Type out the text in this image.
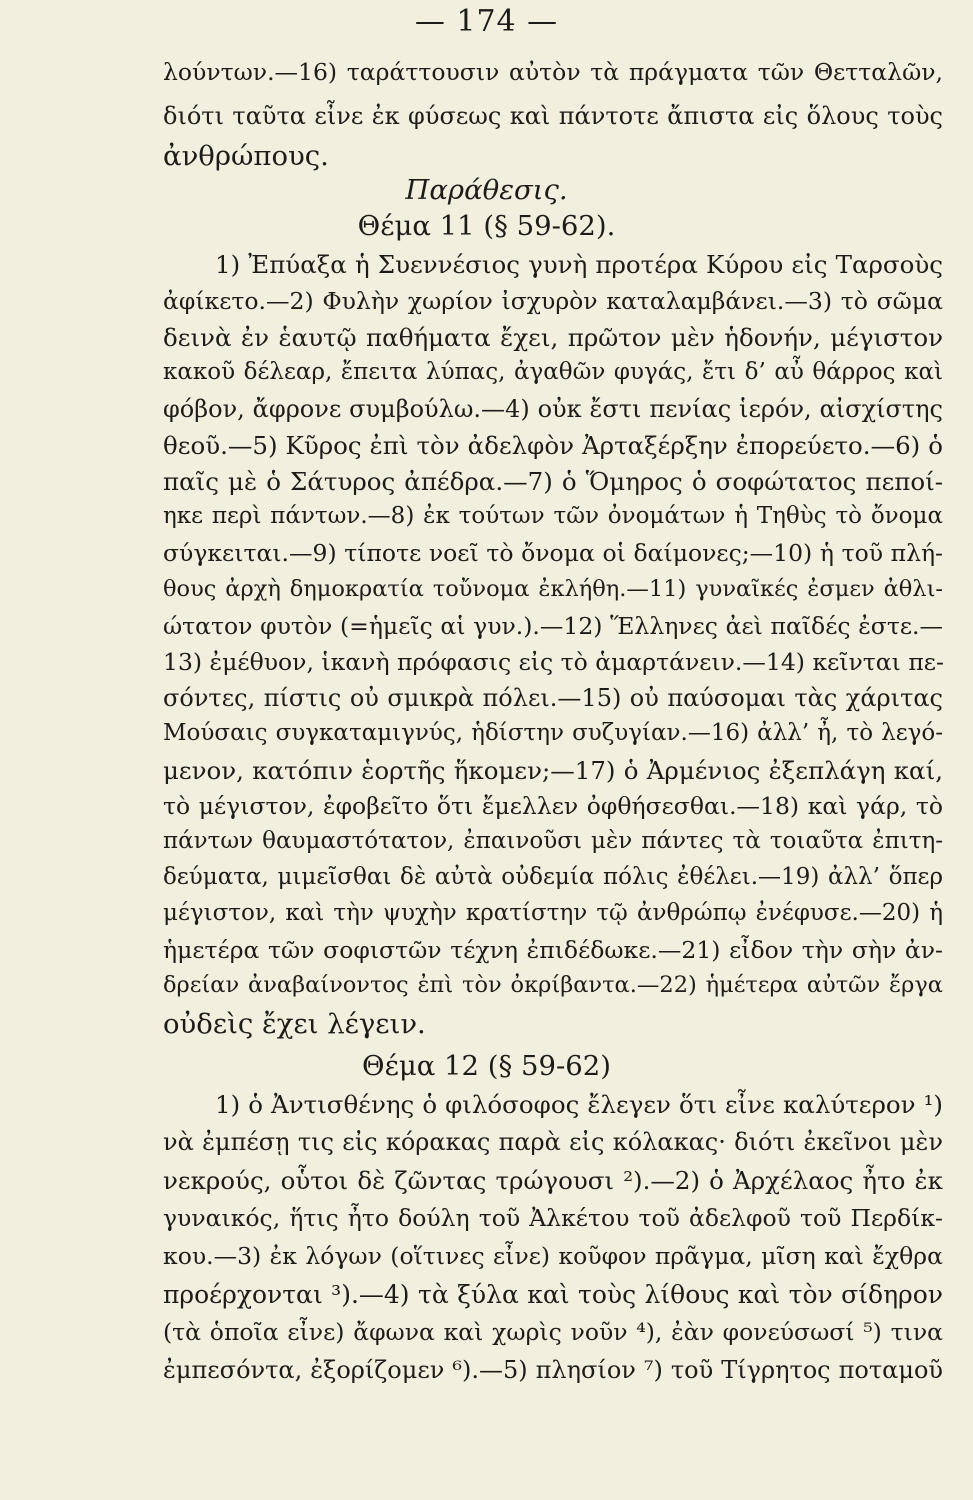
— 174 —
λούντων.—16) ταράττουσιν αὐτὸν τὰ πράγματα τῶν Θετταλῶν,
διότι ταῦτα εἶνε ἐκ φύσεως καὶ πάντοτε ἄπιστα εἰς ὅλους τοὺς
ἀνθρώπους.
Παράθεσις.
Θέμα 11 (§ 59-62).
1) Ἐπύαξα ἡ Συεννέσιος γυνὴ προτέρα Κύρου εἰς Ταρσοὺς
ἀφίκετο.—2) Φυλὴν χωρίον ἰσχυρὸν καταλαμβάνει.—3) τὸ σῶμα
δεινὰ ἐν ἑαυτῷ παθήματα ἔχει, πρῶτον μὲν ἡδονήν, μέγιστον
κακοῦ δέλεαρ, ἔπειτα λύπας, ἀγαθῶν φυγάς, ἔτι δ’ αὖ θάρρος καὶ
φόβον, ἄφρονε συμβούλω.—4) οὐκ ἔστι πενίας ἱερόν, αἰσχίστης
θεοῦ.—5) Κῦρος ἐπὶ τὸν ἀδελφὸν Ἀρταξέρξην ἐπορεύετο.—6) ὁ
παῖς μὲ ὁ Σάτυρος ἀπέδρα.—7) ὁ Ὅμηρος ὁ σοφώτατος πεποί-
ηκε περὶ πάντων.—8) ἐκ τούτων τῶν ὀνομάτων ἡ Τηθὺς τὸ ὄνομα
σύγκειται.—9) τίποτε νοεῖ τὸ ὄνομα οἱ δαίμονες;—10) ἡ τοῦ πλή-
θους ἀρχὴ δημοκρατία τοὔνομα ἐκλήθη.—11) γυναῖκές ἐσμεν ἀθλι-
ώτατον φυτὸν (=ἡμεῖς αἱ γυν.).—12) Ἕλληνες ἀεὶ παῖδές ἐστε.—
13) ἐμέθυον, ἱκανὴ πρόφασις εἰς τὸ ἁμαρτάνειν.—14) κεῖνται πε-
σόντες, πίστις οὐ σμικρὰ πόλει.—15) οὐ παύσομαι τὰς χάριτας
Μούσαις συγκαταμιγνύς, ἡδίστην συζυγίαν.—16) ἀλλ’ ἦ, τὸ λεγό-
μενον, κατόπιν ἑορτῆς ἥκομεν;—17) ὁ Ἀρμένιος ἐξεπλάγη καί,
τὸ μέγιστον, ἐφοβεῖτο ὅτι ἔμελλεν ὀφθήσεσθαι.—18) καὶ γάρ, τὸ
πάντων θαυμαστότατον, ἐπαινοῦσι μὲν πάντες τὰ τοιαῦτα ἐπιτη-
δεύματα, μιμεῖσθαι δὲ αὐτὰ οὐδεμία πόλις ἐθέλει.—19) ἀλλ’ ὅπερ
μέγιστον, καὶ τὴν ψυχὴν κρατίστην τῷ ἀνθρώπῳ ἐνέφυσε.—20) ἡ
ἡμετέρα τῶν σοφιστῶν τέχνη ἐπιδέδωκε.—21) εἶδον τὴν σὴν ἀν-
δρείαν ἀναβαίνοντος ἐπὶ τὸν ὀκρίβαντα.—22) ἡμέτερα αὐτῶν ἔργα
οὐδεὶς ἔχει λέγειν.
Θέμα 12 (§ 59-62)
1) ὁ Ἀντισθένης ὁ φιλόσοφος ἔλεγεν ὅτι εἶνε καλύτερον ¹)
νὰ ἐμπέσῃ τις εἰς κόρακας παρὰ εἰς κόλακας· διότι ἐκεῖνοι μὲν
νεκρούς, οὗτοι δὲ ζῶντας τρώγουσι ²).—2) ὁ Ἀρχέλαος ἦτο ἐκ
γυναικός, ἥτις ἦτο δούλη τοῦ Ἀλκέτου τοῦ ἀδελφοῦ τοῦ Περδίκ-
κου.—3) ἐκ λόγων (οἵτινες εἶνε) κοῦφον πρᾶγμα, μῖση καὶ ἔχθρα
προέρχονται ³).—4) τὰ ξύλα καὶ τοὺς λίθους καὶ τὸν σίδηρον
(τὰ ὁποῖα εἶνε) ἄφωνα καὶ χωρὶς νοῦν ⁴), ἐὰν φονεύσωσί ⁵) τινα
ἐμπεσόντα, ἐξορίζομεν ⁶).—5) πλησίον ⁷) τοῦ Τίγρητος ποταμοῦ
